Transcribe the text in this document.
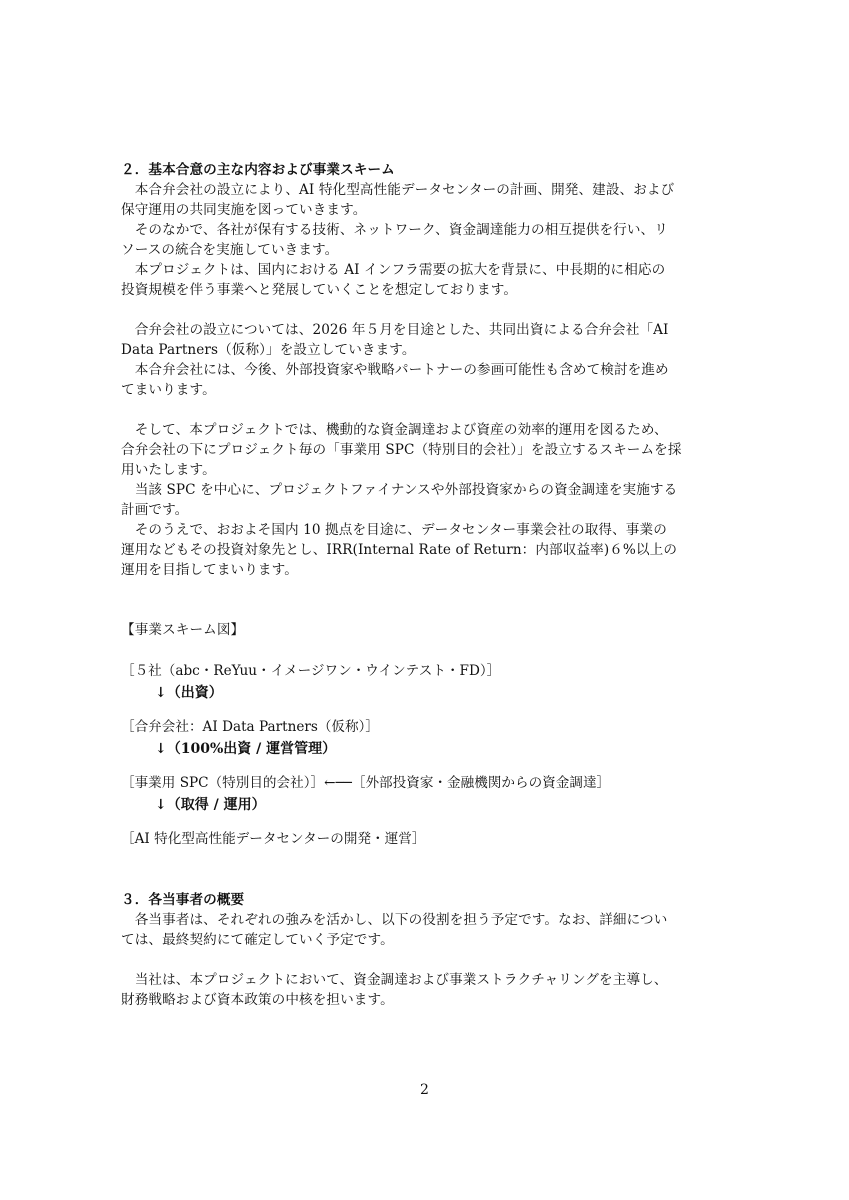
２．基本合意の主な内容および事業スキーム
　本合弁会社の設立により、AI 特化型高性能データセンターの計画、開発、建設、および
保守運用の共同実施を図っていきます。
　そのなかで、各社が保有する技術、ネットワーク、資金調達能力の相互提供を行い、リ
ソースの統合を実施していきます。
　本プロジェクトは、国内における AI インフラ需要の拡大を背景に、中長期的に相応の
投資規模を伴う事業へと発展していくことを想定しております。
　合弁会社の設立については、2026 年５月を目途とした、共同出資による合弁会社「AI
Data Partners（仮称）」を設立していきます。
　本合弁会社には、今後、外部投資家や戦略パートナーの参画可能性も含めて検討を進め
てまいります。
　そして、本プロジェクトでは、機動的な資金調達および資産の効率的運用を図るため、
合弁会社の下にプロジェクト毎の「事業用 SPC（特別目的会社）」を設立するスキームを採
用いたします。
　当該 SPC を中心に、プロジェクトファイナンスや外部投資家からの資金調達を実施する
計画です。
　そのうえで、おおよそ国内 10 拠点を目途に、データセンター事業会社の取得、事業の
運用などもその投資対象先とし、IRR(Internal Rate of Return：内部収益率)６%以上の
運用を目指してまいります。
【事業スキーム図】
［５社（abc・ReYuu・イメージワン・ウインテスト・FD）］
↓（出資）
［合弁会社：AI Data Partners（仮称）］
↓（100%出資 / 運営管理）
［事業用 SPC（特別目的会社）］←──［外部投資家・金融機関からの資金調達］
↓（取得 / 運用）
［AI 特化型高性能データセンターの開発・運営］
３．各当事者の概要
　各当事者は、それぞれの強みを活かし、以下の役割を担う予定です。なお、詳細につい
ては、最終契約にて確定していく予定です。
　当社は、本プロジェクトにおいて、資金調達および事業ストラクチャリングを主導し、
財務戦略および資本政策の中核を担います。
2
